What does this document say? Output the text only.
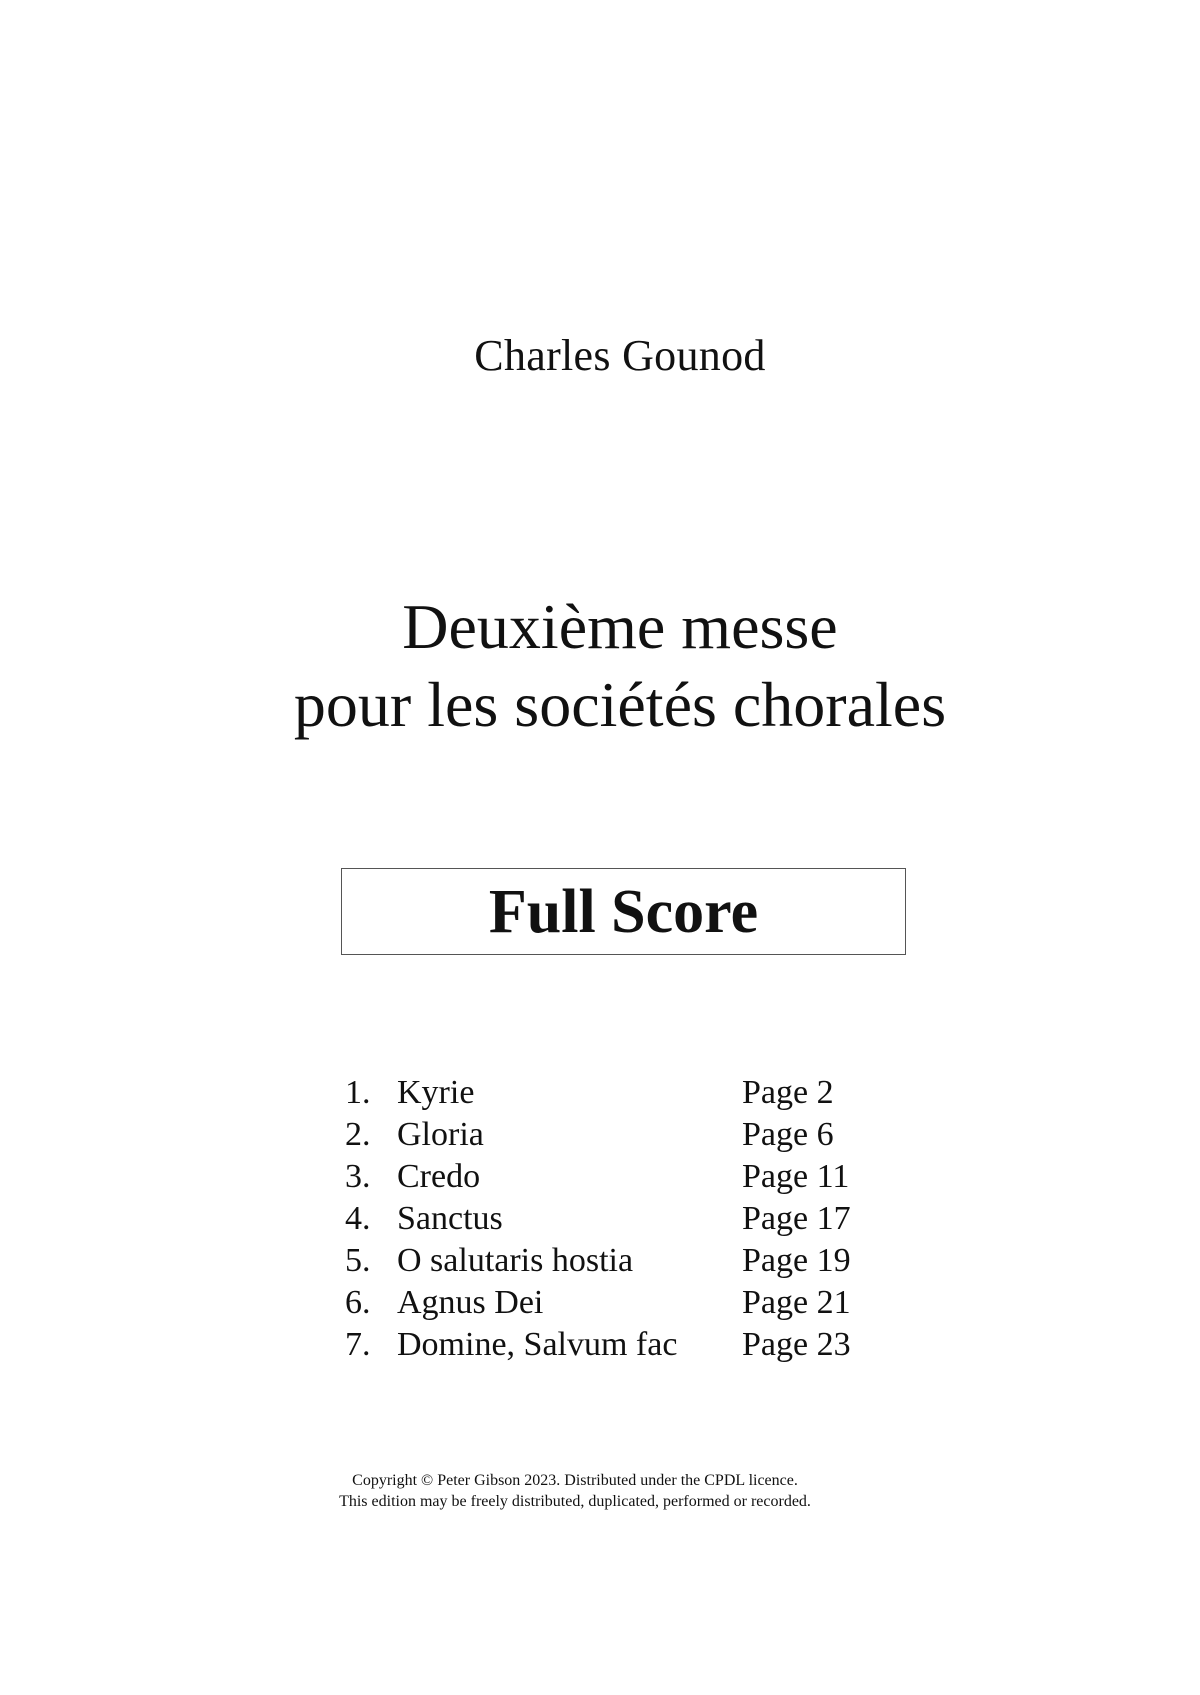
Charles Gounod
Deuxième messe
pour les sociétés chorales
Full Score
1. Kyrie	Page 2
2. Gloria	Page 6
3. Credo	Page 11
4. Sanctus	Page 17
5. O salutaris hostia	Page 19
6. Agnus Dei	Page 21
7. Domine, Salvum fac Page 23
Copyright © Peter Gibson 2023. Distributed under the CPDL licence.
This edition may be freely distributed, duplicated, performed or recorded.
